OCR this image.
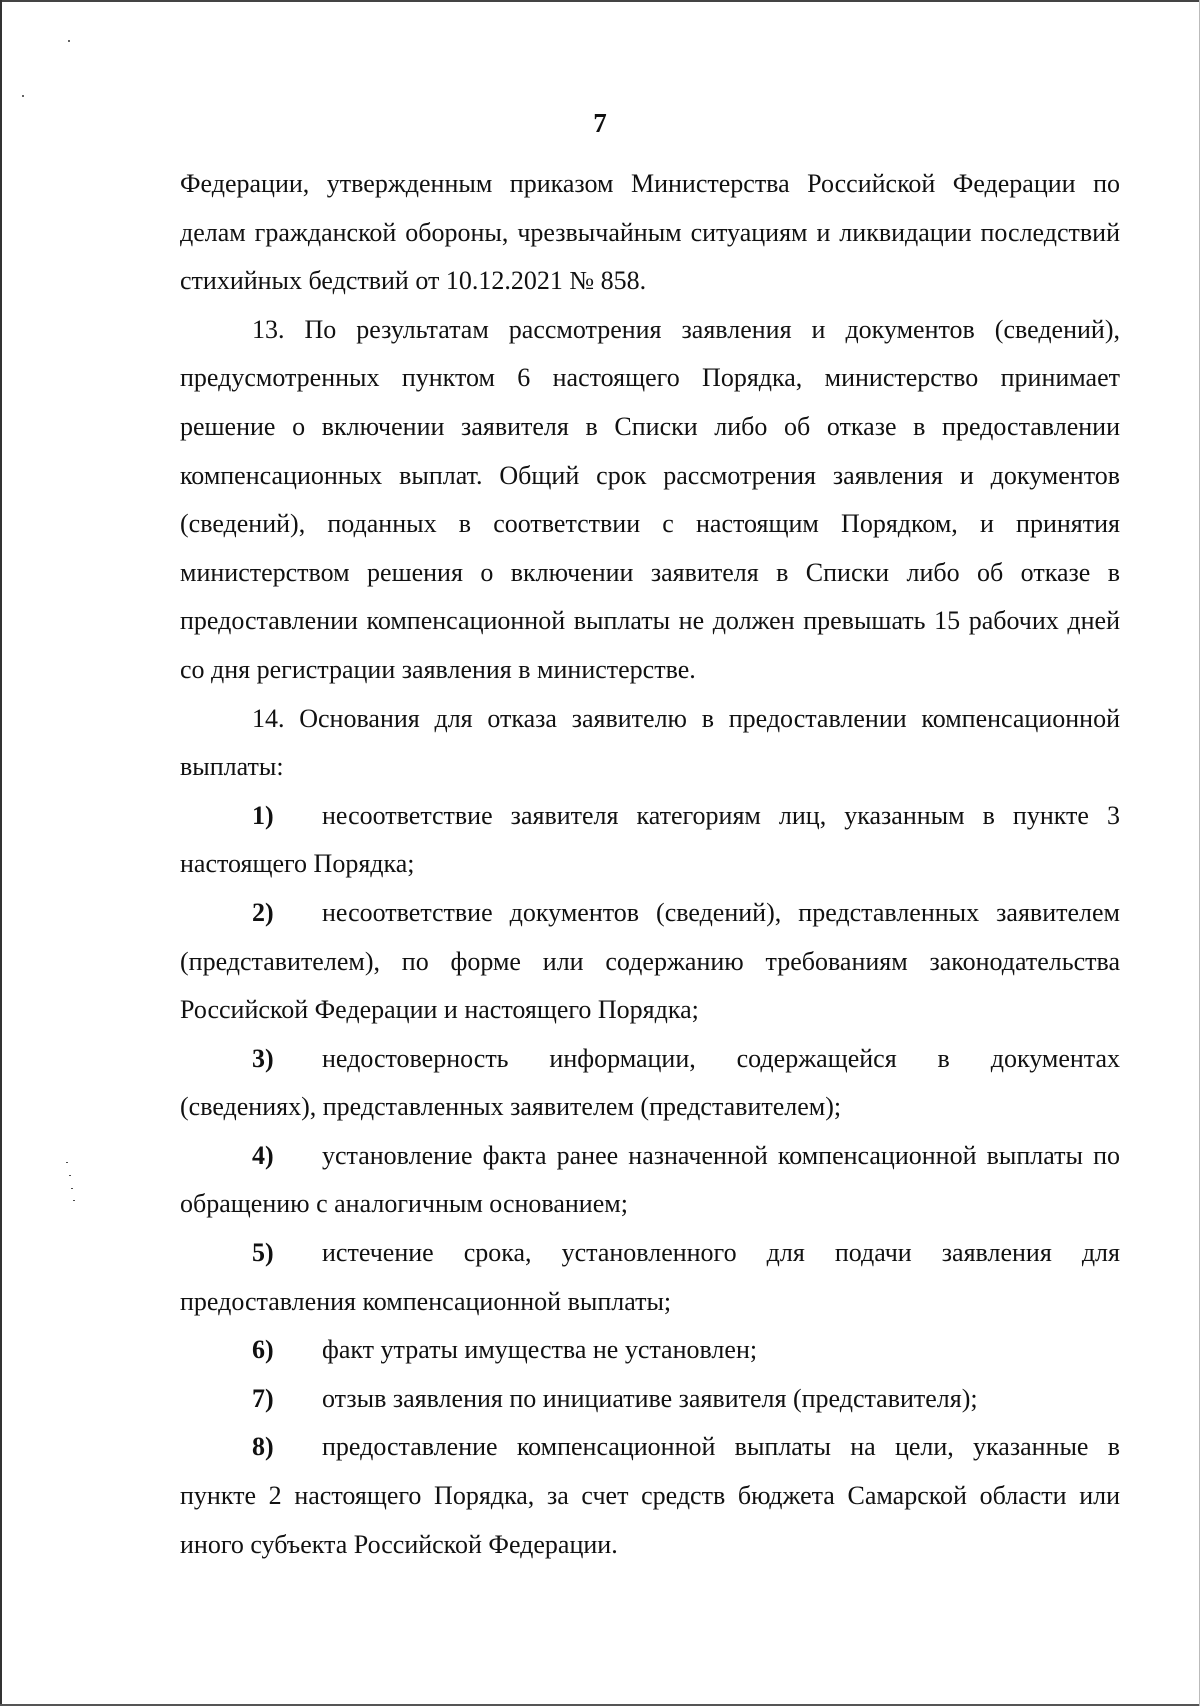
7

Федерации, утвержденным приказом Министерства Российской Федерации по делам гражданской обороны, чрезвычайным ситуациям и ликвидации последствий стихийных бедствий от 10.12.2021 № 858.

13. По результатам рассмотрения заявления и документов (сведений), предусмотренных пунктом 6 настоящего Порядка, министерство принимает решение о включении заявителя в Списки либо об отказе в предоставлении компенсационных выплат. Общий срок рассмотрения заявления и документов (сведений), поданных в соответствии с настоящим Порядком, и принятия министерством решения о включении заявителя в Списки либо об отказе в предоставлении компенсационной выплаты не должен превышать 15 рабочих дней со дня регистрации заявления в министерстве.

14. Основания для отказа заявителю в предоставлении компенсационной выплаты:

1) несоответствие заявителя категориям лиц, указанным в пункте 3 настоящего Порядка;

2) несоответствие документов (сведений), представленных заявителем (представителем), по форме или содержанию требованиям законодательства Российской Федерации и настоящего Порядка;

3) недостоверность информации, содержащейся в документах (сведениях), представленных заявителем (представителем);

4) установление факта ранее назначенной компенсационной выплаты по обращению с аналогичным основанием;

5) истечение срока, установленного для подачи заявления для предоставления компенсационной выплаты;

6) факт утраты имущества не установлен;

7) отзыв заявления по инициативе заявителя (представителя);

8) предоставление компенсационной выплаты на цели, указанные в пункте 2 настоящего Порядка, за счет средств бюджета Самарской области или иного субъекта Российской Федерации.
